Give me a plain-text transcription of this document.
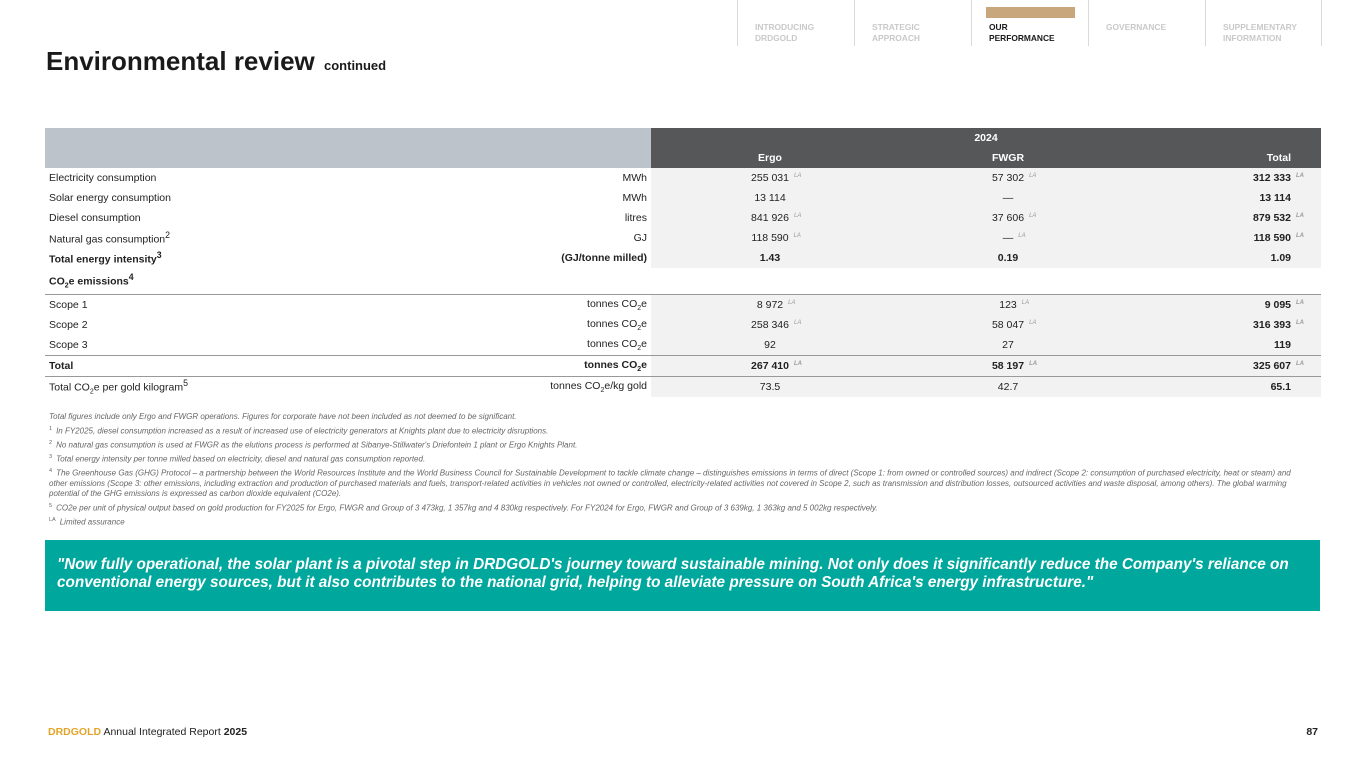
INTRODUCING
DRDGOLD
STRATEGIC
APPROACH
OUR
PERFORMANCE
GOVERNANCE	SUPPLEMENTARY
INFORMATION
Environmental review continued
		2024		
		Ergo	FWGR	Total
Electricity consumption	MWh	255 031 LA	57 302 LA	312 333 LA

Solar energy consumption	MWh	13 114	—	13 114
Diesel consumption	litres	841 926 LA	37 606 LA	879 532 LA

Natural gas consumption$^2$	GJ	118 590 LA	— LA	118 590 LA

Total energy intensity$^3$	(GJ/tonne milled)	1.43	0.19	1.09
$CO_2e$ emissions$^4$
Scope 1	tonnes $CO_2e$	8 972 LA	123 LA	9 095 LA

Scope 2	tonnes $CO_2e$	258 346 LA	58 047 LA	316 393 LA

Scope 3	tonnes $CO_2e$	92	27	119
Total	tonnes $CO_2e$	267 410 LA	58 197 LA	325 607 LA

Total $CO_2e$ per gold kilogram$^5$	tonnes $CO_2e/kg$ gold	73.5	42.7	65.1

Total figures include only Ergo and FWGR operations. Figures for corporate have not been included as not deemed to be significant.

$^1$ In FY2025, diesel consumption increased as a result of increased use of electricity generators at Knights plant due to electricity disruptions.

$^2$ No natural gas consumption is used at FWGR as the elutions process is performed at Sibanye-Stillwater's Driefontein 1 plant or Ergo Knights Plant.

$^3$ Total energy intensity per tonne milled based on electricity, diesel and natural gas consumption reported.

$^4$ The Greenhouse Gas (GHG) Protocol – a partnership between the World Resources Institute and the World Business Council for Sustainable Development to tackle climate change – distinguishes emissions in terms of direct (Scope 1: from owned or controlled sources) and indirect (Scope 2: consumption of purchased electricity, heat or steam) and other emissions (Scope 3: other emissions, including extraction and production of purchased materials and fuels, transport-related activities in vehicles not owned or controlled, electricity-related activities not covered in Scope 2, such as transmission and distribution losses, outsourced activities and waste disposal, among others). The global warming potential of the GHG emissions is expressed as carbon dioxide equivalent (CO2e).

$^5$ CO2e per unit of physical output based on gold production for FY2025 for Ergo, FWGR and Group of 3 473kg, 1 357kg and 4 830kg respectively. For FY2024 for Ergo, FWGR and Group of 3 639kg, 1 363kg and 5 002kg respectively.

$^{LA}$ Limited assurance

"Now fully operational, the solar plant is a pivotal step in DRDGOLD's journey toward sustainable mining. Not only does it significantly reduce the Company's reliance on conventional energy sources, but it also contributes to the national grid, helping to alleviate pressure on South Africa's energy infrastructure."
DRDGOLD Annual Integrated Report 2025	87
